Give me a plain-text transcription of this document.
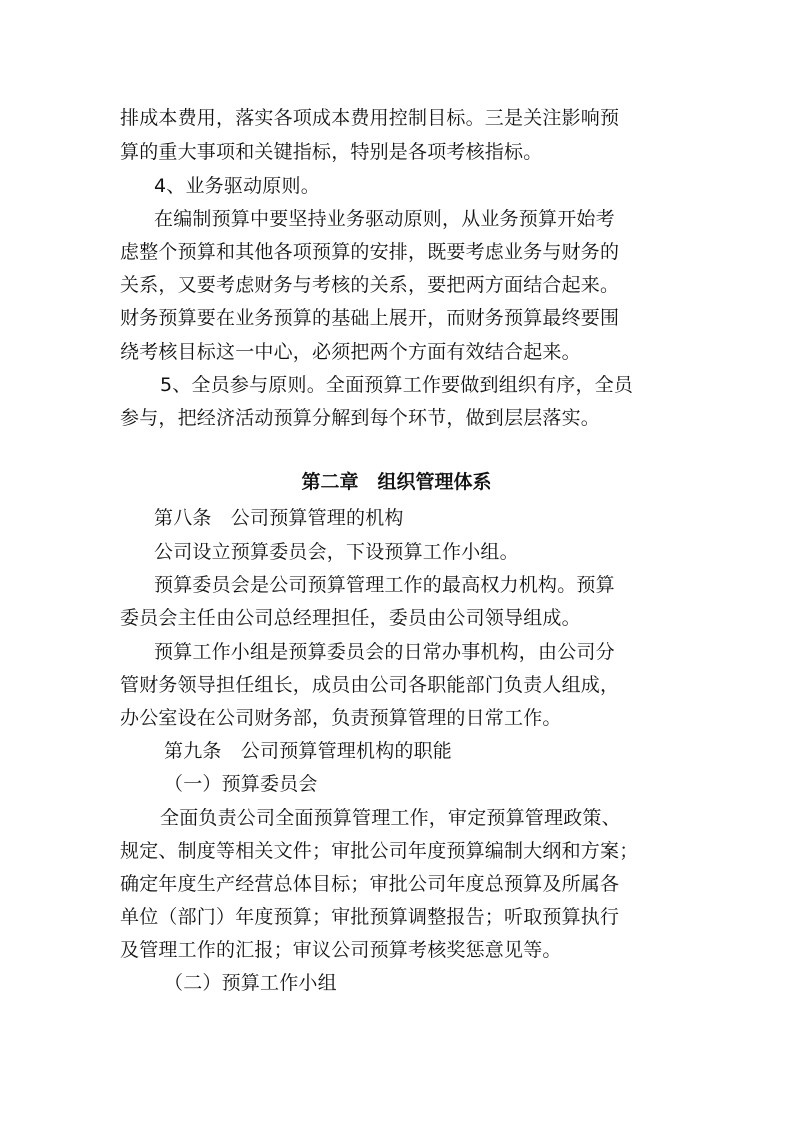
排成本费用，落实各项成本费用控制目标。三是关注影响预
算的重大事项和关键指标，特别是各项考核指标。
4、业务驱动原则。
在编制预算中要坚持业务驱动原则，从业务预算开始考
虑整个预算和其他各项预算的安排，既要考虑业务与财务的
关系，又要考虑财务与考核的关系，要把两方面结合起来。
财务预算要在业务预算的基础上展开，而财务预算最终要围
绕考核目标这一中心，必须把两个方面有效结合起来。
5、全员参与原则。全面预算工作要做到组织有序，全员
参与，把经济活动预算分解到每个环节，做到层层落实。
第二章　组织管理体系
第八条　公司预算管理的机构
公司设立预算委员会，下设预算工作小组。
预算委员会是公司预算管理工作的最高权力机构。预算
委员会主任由公司总经理担任，委员由公司领导组成。
预算工作小组是预算委员会的日常办事机构，由公司分
管财务领导担任组长，成员由公司各职能部门负责人组成，
办公室设在公司财务部，负责预算管理的日常工作。
第九条　公司预算管理机构的职能
（一）预算委员会
全面负责公司全面预算管理工作，审定预算管理政策、
规定、制度等相关文件；审批公司年度预算编制大纲和方案；
确定年度生产经营总体目标；审批公司年度总预算及所属各
单位（部门）年度预算；审批预算调整报告；听取预算执行
及管理工作的汇报；审议公司预算考核奖惩意见等。
（二）预算工作小组
